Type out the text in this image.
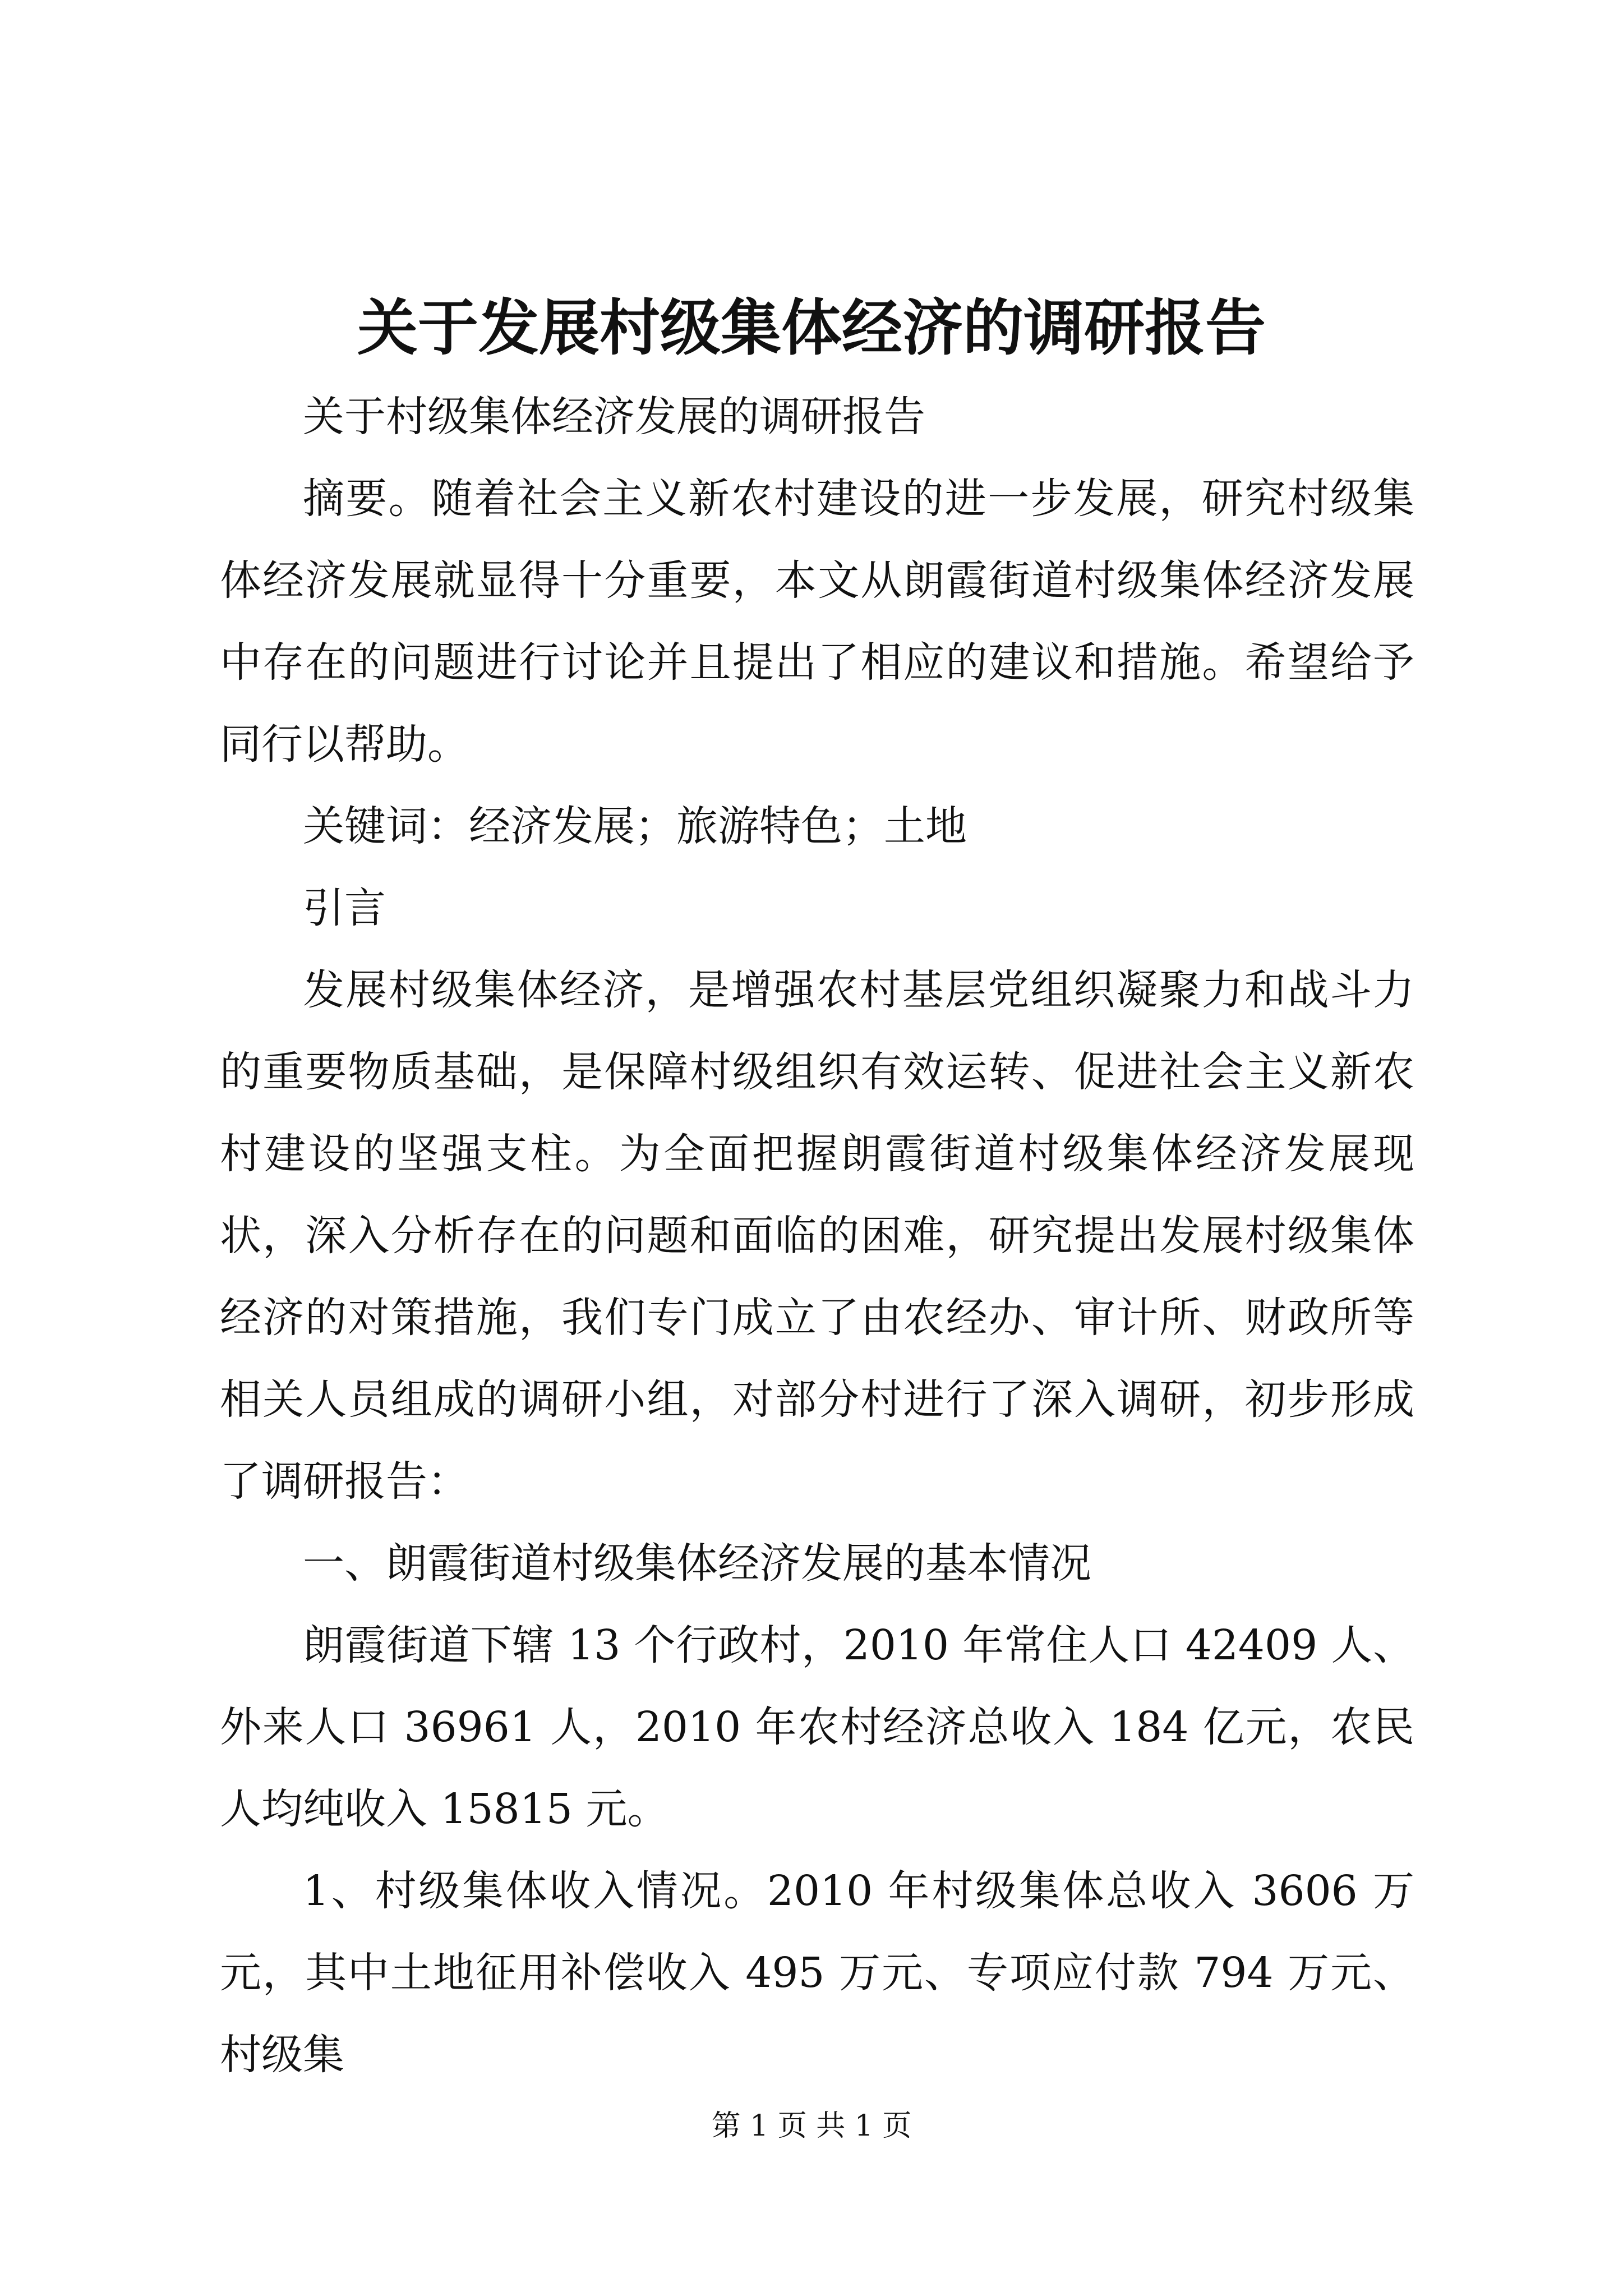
关于发展村级集体经济的调研报告

关于村级集体经济发展的调研报告

摘要。随着社会主义新农村建设的进一步发展，研究村级集体经济发展就显得十分重要，本文从朗霞街道村级集体经济发展中存在的问题进行讨论并且提出了相应的建议和措施。希望给予同行以帮助。

关键词：经济发展；旅游特色；土地

引言

发展村级集体经济，是增强农村基层党组织凝聚力和战斗力的重要物质基础，是保障村级组织有效运转、促进社会主义新农村建设的坚强支柱。为全面把握朗霞街道村级集体经济发展现状，深入分析存在的问题和面临的困难，研究提出发展村级集体经济的对策措施，我们专门成立了由农经办、审计所、财政所等相关人员组成的调研小组，对部分村进行了深入调研，初步形成了调研报告：

一、朗霞街道村级集体经济发展的基本情况

朗霞街道下辖 13 个行政村，2010 年常住人口 42409 人、外来人口 36961 人，2010 年农村经济总收入 184 亿元，农民人均纯收入 15815 元。

1、村级集体收入情况。2010 年村级集体总收入 3606 万元，其中土地征用补偿收入 495 万元、专项应付款 794 万元、村级集

第 1 页 共 1 页
